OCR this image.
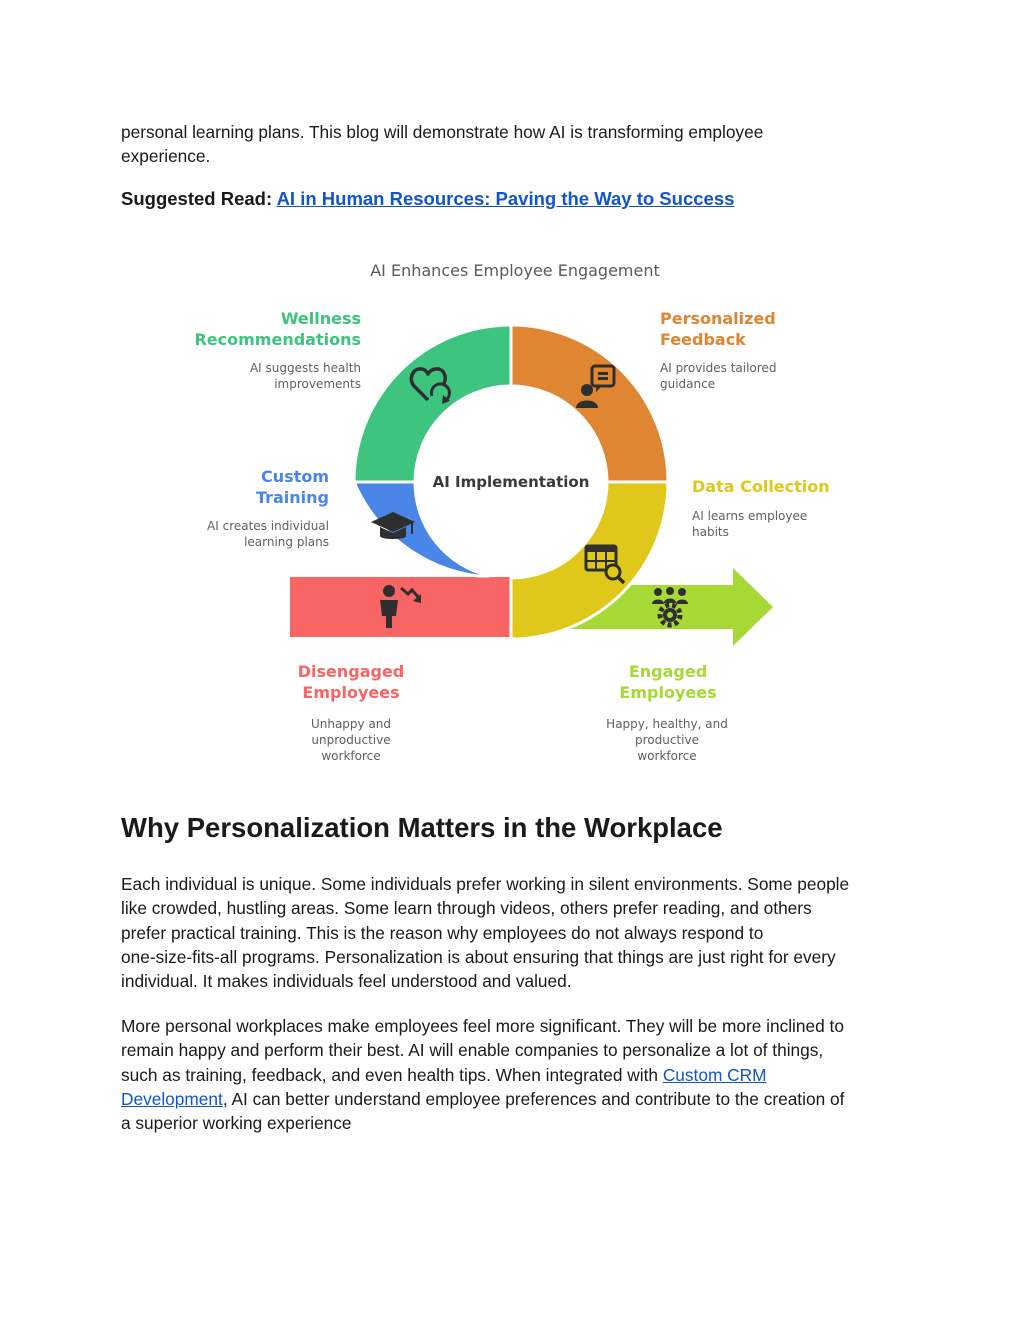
personal learning plans. This blog will demonstrate how AI is transforming employee
experience.

Suggested Read: AI in Human Resources: Paving the Way to Success

AI Enhances Employee Engagement
AI Implementation
Wellness
Recommendations
AI suggests health
improvements
Personalized
Feedback
AI provides tailored
guidance
Custom
Training
AI creates individual
learning plans
Data Collection
AI learns employee
habits
Disengaged
Employees
Unhappy and
unproductive
workforce
Engaged
Employees
Happy, healthy, and
productive
workforce
Why Personalization Matters in the Workplace

Each individual is unique. Some individuals prefer working in silent environments. Some people
like crowded, hustling areas. Some learn through videos, others prefer reading, and others
prefer practical training. This is the reason why employees do not always respond to
one-size-fits-all programs. Personalization is about ensuring that things are just right for every
individual. It makes individuals feel understood and valued.

More personal workplaces make employees feel more significant. They will be more inclined to
remain happy and perform their best. AI will enable companies to personalize a lot of things,
such as training, feedback, and even health tips. When integrated with Custom CRM
Development, AI can better understand employee preferences and contribute to the creation of
a superior working experience
